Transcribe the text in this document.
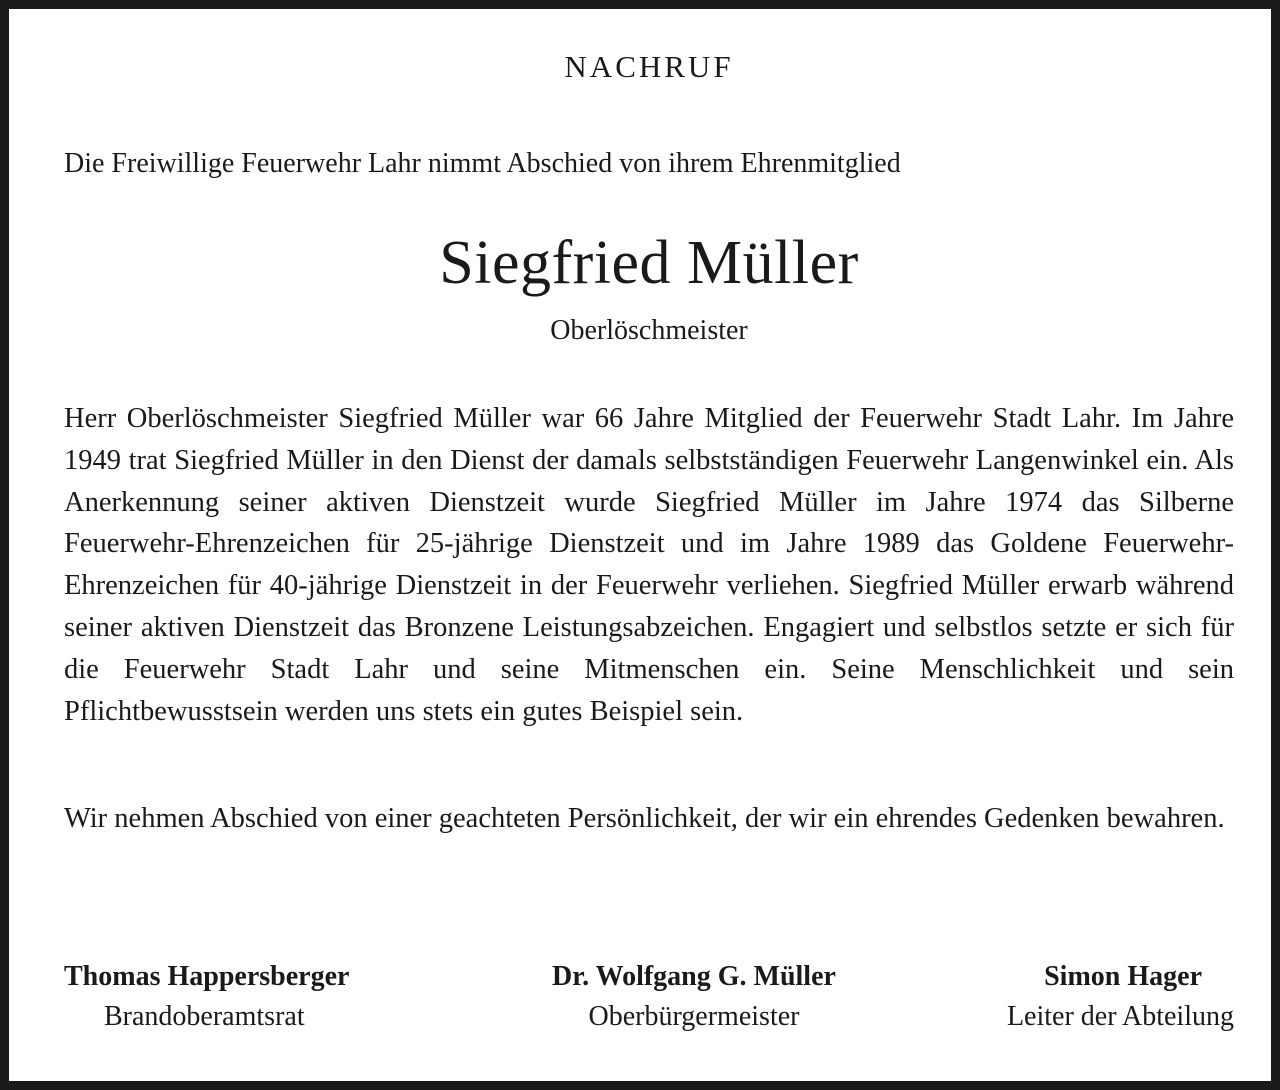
NACHRUF
Die Freiwillige Feuerwehr Lahr nimmt Abschied von ihrem Ehrenmitglied
Siegfried Müller
Oberlöschmeister

Herr Oberlöschmeister Siegfried Müller war 66 Jahre Mitglied der Feuerwehr Stadt Lahr. Im Jahre 1949 trat Siegfried Müller in den Dienst der damals selbstständigen Feuerwehr Langenwinkel ein. Als Anerkennung seiner aktiven Dienstzeit wurde Siegfried Müller im Jahre 1974 das Silberne Feuerwehr-Ehrenzeichen für 25-jährige Dienstzeit und im Jahre 1989 das Goldene Feuerwehr-Ehrenzeichen für 40-jährige Dienstzeit in der Feuerwehr verliehen. Siegfried Müller erwarb während seiner aktiven Dienstzeit das Bronzene Leistungsabzeichen. Engagiert und selbstlos setzte er sich für die Feuerwehr Stadt Lahr und seine Mitmenschen ein. Seine Menschlichkeit und sein Pflichtbewusstsein werden uns stets ein gutes Beispiel sein.

Wir nehmen Abschied von einer geachteten Persönlichkeit, der wir ein ehrendes Gedenken bewahren.

Thomas Happersberger
Brandoberamtsrat
Dr. Wolfgang G. Müller
Oberbürgermeister
Simon Hager
Leiter der Abteilung
